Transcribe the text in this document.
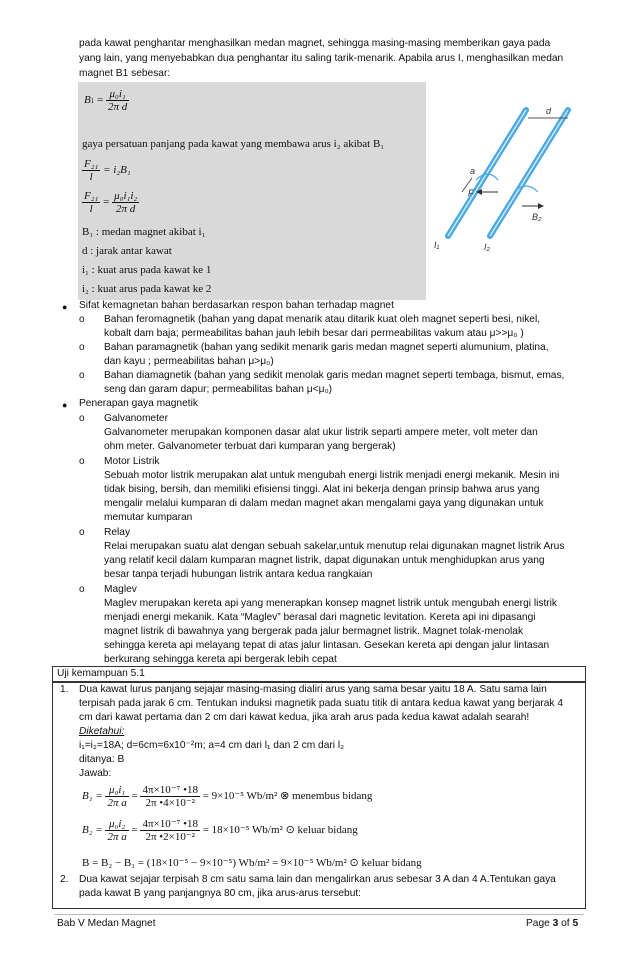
pada kawat penghantar menghasilkan medan magnet, sehingga masing-masing memberikan gaya pada
yang lain, yang menyebabkan dua penghantar itu saling tarik-menarik. Apabila arus I, menghasilkan medan
magnet B1 sebesar:
$B1 = \frac{\text{μ₀i₁}}{\text{2π d}}$
gaya persatuan panjang pada kawat yang membawa arus i₂ akibat B₁
$\frac{\text{F₂₁}}{l} = i_2B_1$
$\frac{\text{F₂₁}}{l} = \frac{\text{μ₀i₁i₂}}{\text{2π d}}$
B₁ : medan magnet akibat i₁
d : jarak antar kawat
i₁ : kuat arus pada kawat ke 1
i₂ : kuat arus pada kawat ke 2
a
d
F
B₂
I₁	I₂
● Sifat kemagnetan bahan berdasarkan respon bahan terhadap magnet
o Bahan feromagnetik (bahan yang dapat menarik atau ditarik kuat oleh magnet seperti besi, nikel,
kobalt dam baja; permeabilitas bahan jauh lebih besar dari permeabilitas vakum atau μ>>μ₀ )
o Bahan paramagnetik (bahan yang sedikit menarik garis medan magnet seperti alumunium, platina,
dan kayu ; permeabilitas bahan μ>μ₀)
o Bahan diamagnetik (bahan yang sedikit menolak garis medan magnet seperti tembaga, bismut, emas,
seng dan garam dapur; permeabilitas bahan μ<μ₀)
● Penerapan gaya magnetik
o Galvanometer
Galvanometer merupakan komponen dasar alat ukur listrik separti ampere meter, volt meter dan
ohm meter. Galvanometer terbuat dari kumparan yang bergerak)
o Motor Listrik
Sebuah motor listrik merupakan alat untuk mengubah energi listrik menjadi energi mekanik. Mesin ini
tidak bising, bersih, dan memiliki efisiensi tinggi. Alat ini bekerja dengan prinsip bahwa arus yang
mengalir melalui kumparan di dalam medan magnet akan mengalami gaya yang digunakan untuk
memutar kumparan
o Relay
Relai merupakan suatu alat dengan sebuah sakelar,untuk menutup relai digunakan magnet listrik Arus
yang relatif kecil dalam kumparan magnet listrik, dapat digunakan untuk menghidupkan arus yang
besar tanpa terjadi hubungan listrik antara kedua rangkaian
o Maglev
Maglev merupakan kereta api yang menerapkan konsep magnet listrik untuk mengubah energi listrik
menjadi energi mekanik. Kata “Maglev” berasal dari magnetic levitation. Kereta api ini dipasangi
magnet listrik di bawahnya yang bergerak pada jalur bermagnet listrik. Magnet tolak-menolak
sehingga kereta api melayang tepat di atas jalur lintasan. Gesekan kereta api dengan jalur lintasan
berkurang sehingga kereta api bergerak lebih cepat
Uji kemampuan 5.1
1. Dua kawat lurus panjang sejajar masing-masing dialiri arus yang sama besar yaitu 18 A. Satu sama lain
terpisah pada jarak 6 cm. Tentukan induksi magnetik pada suatu titik di antara kedua kawat yang berjarak 4
cm dari kawat pertama dan 2 cm dari kawat kedua, jika arah arus pada kedua kawat adalah searah!
Diketahui:
i₁=i₂=18A; d=6cm=6x10⁻²m; a=4 cm dari l₁ dan 2 cm dari l₂
ditanya: B
Jawab:
$B_1 = \frac{\text{μ₀i₁}}{\text{2π a}} = \frac{\text{4π×10⁻⁷ •18}}{\text{2π •4×10⁻²}} = 9\times 10^{-5}$ Wb/m² ⊗ menembus bidang
$B_2 = \frac{\text{μ₀i₂}}{\text{2π a}} = \frac{\text{4π×10⁻⁷ •18}}{\text{2π •2×10⁻²}} = 18\times 10^{-5}$ Wb/m² ⊙ keluar bidang
B = B₂ − B₁ = (18×10⁻⁵ − 9×10⁻⁵) Wb/m² = 9×10⁻⁵ Wb/m² ⊙ keluar bidang
2. Dua kawat sejajar terpisah 8 cm satu sama lain dan mengalirkan arus sebesar 3 A dan 4 A.Tentukan gaya
pada kawat B yang panjangnya 80 cm, jika arus-arus tersebut:
Bab V Medan Magnet	Page 3 of 5
